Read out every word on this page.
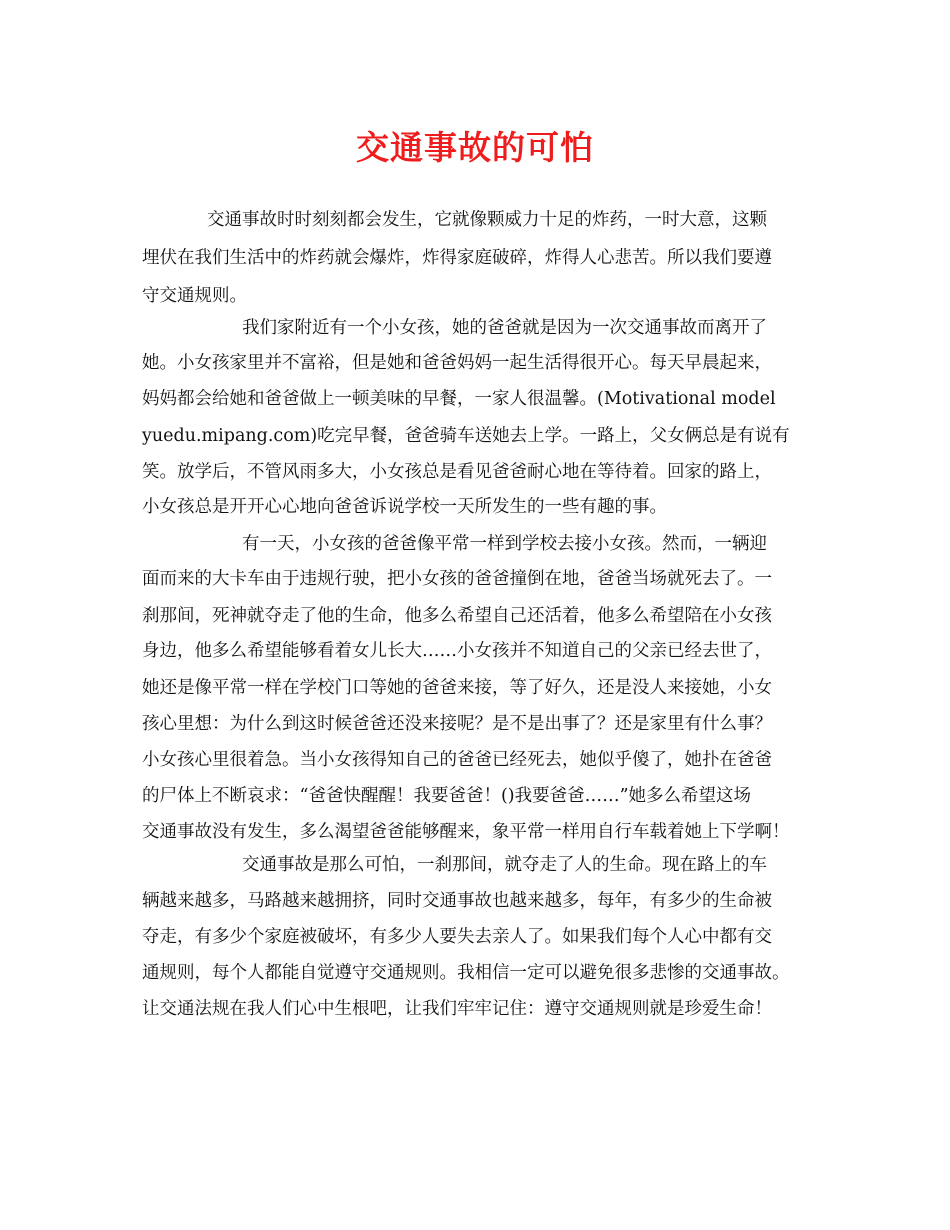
交通事故的可怕
交通事故时时刻刻都会发生，它就像颗威力十足的炸药，一时大意，这颗
埋伏在我们生活中的炸药就会爆炸，炸得家庭破碎，炸得人心悲苦。所以我们要遵
守交通规则。
我们家附近有一个小女孩，她的爸爸就是因为一次交通事故而离开了
她。小女孩家里并不富裕，但是她和爸爸妈妈一起生活得很开心。每天早晨起来，
妈妈都会给她和爸爸做上一顿美味的早餐，一家人很温馨。(Motivational model
yuedu.mipang.com)吃完早餐，爸爸骑车送她去上学。一路上，父女俩总是有说有
笑。放学后，不管风雨多大，小女孩总是看见爸爸耐心地在等待着。回家的路上，
小女孩总是开开心心地向爸爸诉说学校一天所发生的一些有趣的事。
有一天，小女孩的爸爸像平常一样到学校去接小女孩。然而，一辆迎
面而来的大卡车由于违规行驶，把小女孩的爸爸撞倒在地，爸爸当场就死去了。一
刹那间，死神就夺走了他的生命，他多么希望自己还活着，他多么希望陪在小女孩
身边，他多么希望能够看着女儿长大……小女孩并不知道自己的父亲已经去世了，
她还是像平常一样在学校门口等她的爸爸来接，等了好久，还是没人来接她，小女
孩心里想：为什么到这时候爸爸还没来接呢？是不是出事了？还是家里有什么事？
小女孩心里很着急。当小女孩得知自己的爸爸已经死去，她似乎傻了，她扑在爸爸
的尸体上不断哀求：“爸爸快醒醒！我要爸爸！()我要爸爸……”她多么希望这场
交通事故没有发生，多么渴望爸爸能够醒来，象平常一样用自行车载着她上下学啊！
交通事故是那么可怕，一刹那间，就夺走了人的生命。现在路上的车
辆越来越多，马路越来越拥挤，同时交通事故也越来越多，每年，有多少的生命被
夺走，有多少个家庭被破坏，有多少人要失去亲人了。如果我们每个人心中都有交
通规则，每个人都能自觉遵守交通规则。我相信一定可以避免很多悲惨的交通事故。
让交通法规在我人们心中生根吧，让我们牢牢记住：遵守交通规则就是珍爱生命！
